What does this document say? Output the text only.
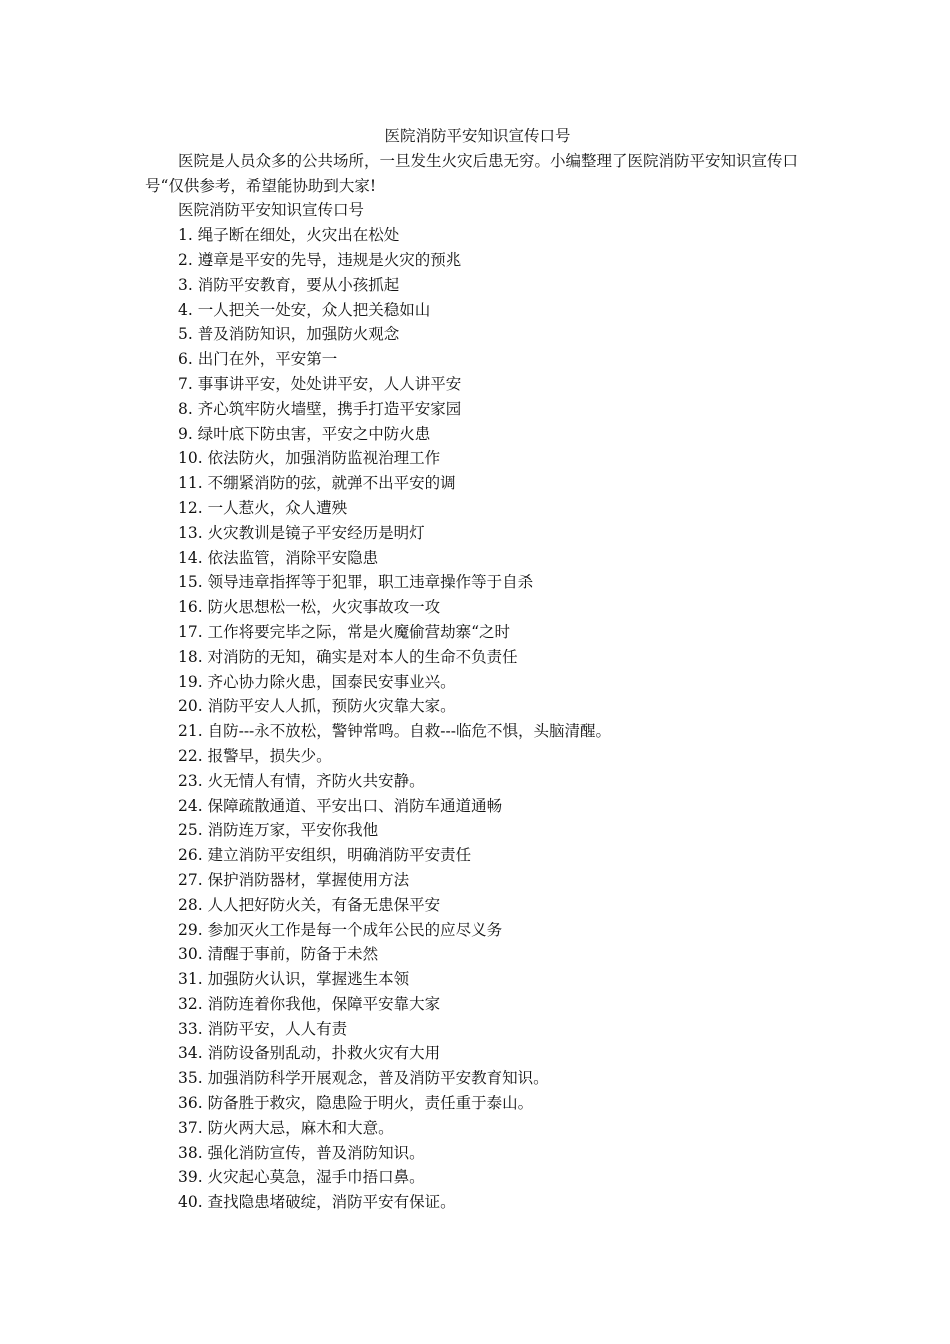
医院消防平安知识宣传口号

医院是人员众多的公共场所，一旦发生火灾后患无穷。小编整理了医院消防平安知识宣传口号“仅供参考，希望能协助到大家!

医院消防平安知识宣传口号

1. 绳子断在细处，火灾出在松处
2. 遵章是平安的先导，违规是火灾的预兆
3. 消防平安教育，要从小孩抓起
4. 一人把关一处安，众人把关稳如山
5. 普及消防知识，加强防火观念
6. 出门在外，平安第一
7. 事事讲平安，处处讲平安，人人讲平安
8. 齐心筑牢防火墙壁，携手打造平安家园
9. 绿叶底下防虫害，平安之中防火患
10. 依法防火，加强消防监视治理工作
11. 不绷紧消防的弦，就弹不出平安的调
12. 一人惹火，众人遭殃
13. 火灾教训是镜子平安经历是明灯
14. 依法监管，消除平安隐患
15. 领导违章指挥等于犯罪，职工违章操作等于自杀
16. 防火思想松一松，火灾事故攻一攻
17. 工作将要完毕之际，常是火魔偷营劫寨“之时
18. 对消防的无知，确实是对本人的生命不负责任
19. 齐心协力除火患，国泰民安事业兴。
20. 消防平安人人抓，预防火灾靠大家。
21. 自防---永不放松，警钟常鸣。自救---临危不惧，头脑清醒。
22. 报警早，损失少。
23. 火无情人有情，齐防火共安静。
24. 保障疏散通道、平安出口、消防车通道通畅
25. 消防连万家，平安你我他
26. 建立消防平安组织，明确消防平安责任
27. 保护消防器材，掌握使用方法
28. 人人把好防火关，有备无患保平安
29. 参加灭火工作是每一个成年公民的应尽义务
30. 清醒于事前，防备于未然
31. 加强防火认识，掌握逃生本领
32. 消防连着你我他，保障平安靠大家
33. 消防平安，人人有责
34. 消防设备别乱动，扑救火灾有大用
35. 加强消防科学开展观念，普及消防平安教育知识。
36. 防备胜于救灾，隐患险于明火，责任重于泰山。
37. 防火两大忌，麻木和大意。
38. 强化消防宣传，普及消防知识。
39. 火灾起心莫急，湿手巾捂口鼻。
40. 查找隐患堵破绽，消防平安有保证。
